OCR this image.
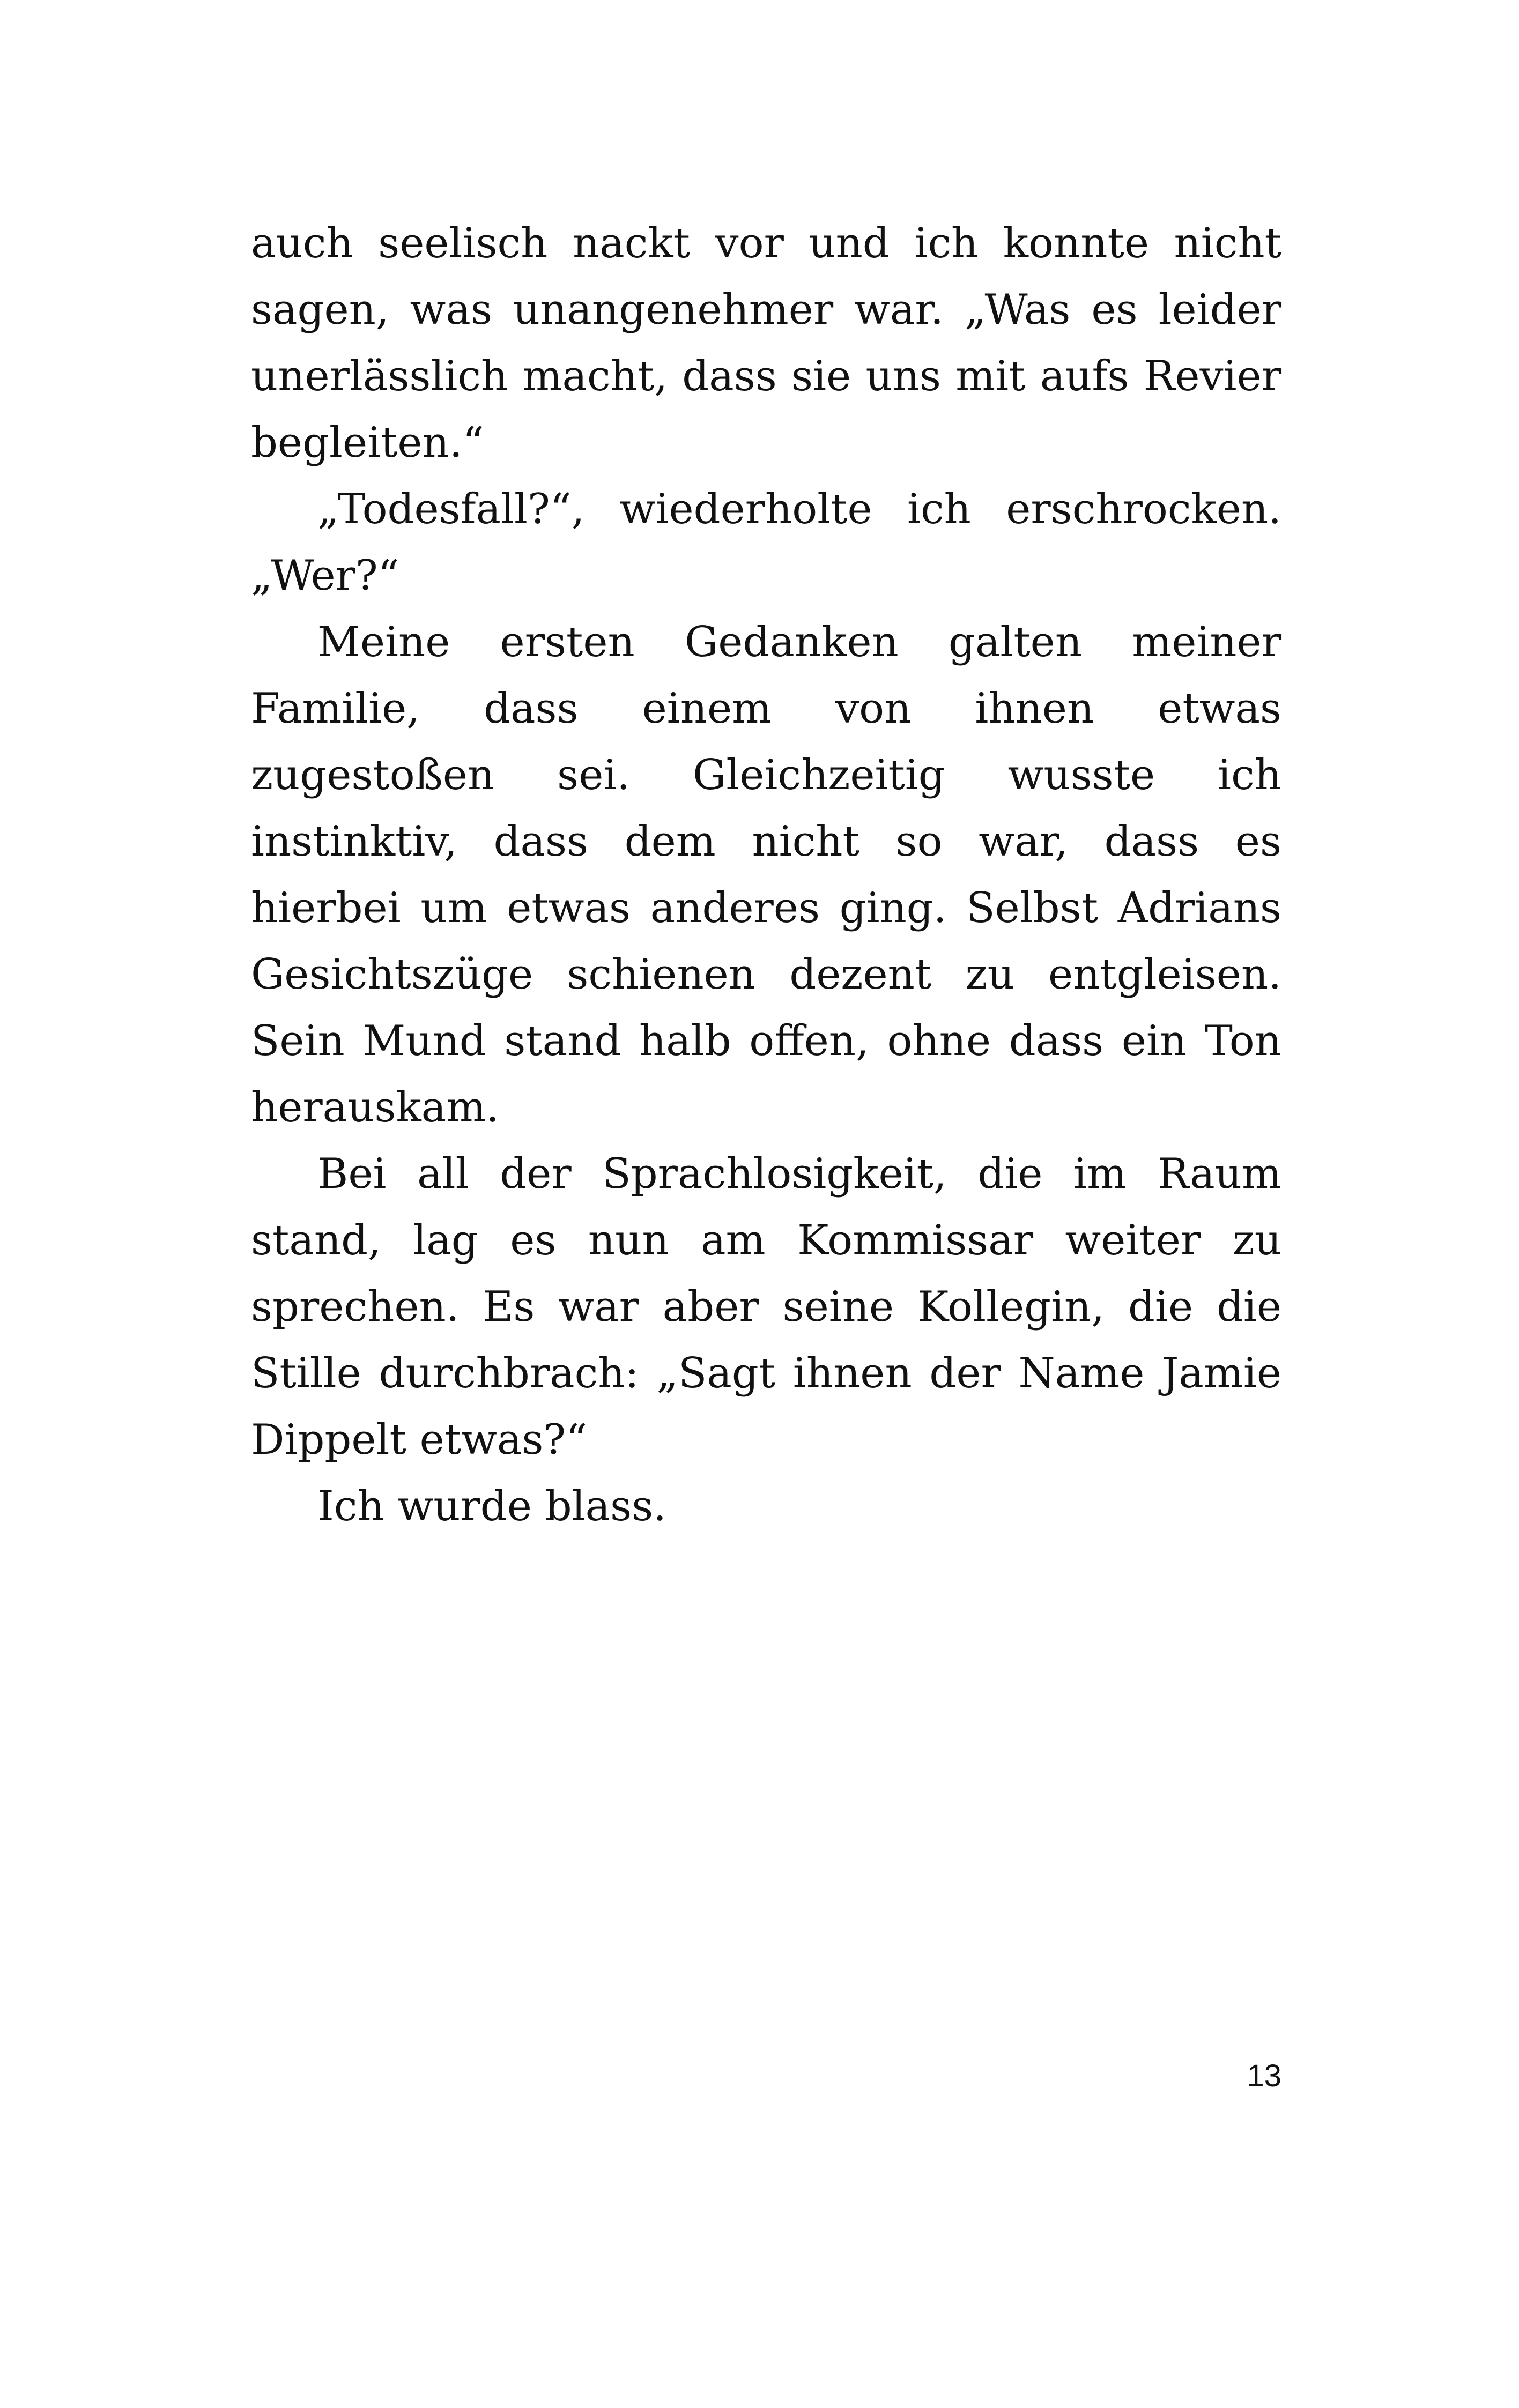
auch seelisch nackt vor und ich konnte nicht sagen, was unangenehmer war. „Was es leider unerlässlich macht, dass sie uns mit aufs Revier begleiten.“

„Todesfall?“, wiederholte ich erschrocken. „Wer?“

Meine ersten Gedanken galten meiner Familie, dass einem von ihnen etwas zugestoßen sei. Gleichzeitig wusste ich instinktiv, dass dem nicht so war, dass es hierbei um etwas anderes ging. Selbst Adrians Gesichtszüge schienen dezent zu entgleisen. Sein Mund stand halb offen, ohne dass ein Ton herauskam.

Bei all der Sprachlosigkeit, die im Raum stand, lag es nun am Kommissar weiter zu sprechen. Es war aber seine Kollegin, die die Stille durchbrach: „Sagt ihnen der Name Jamie Dippelt etwas?“

Ich wurde blass.

13
